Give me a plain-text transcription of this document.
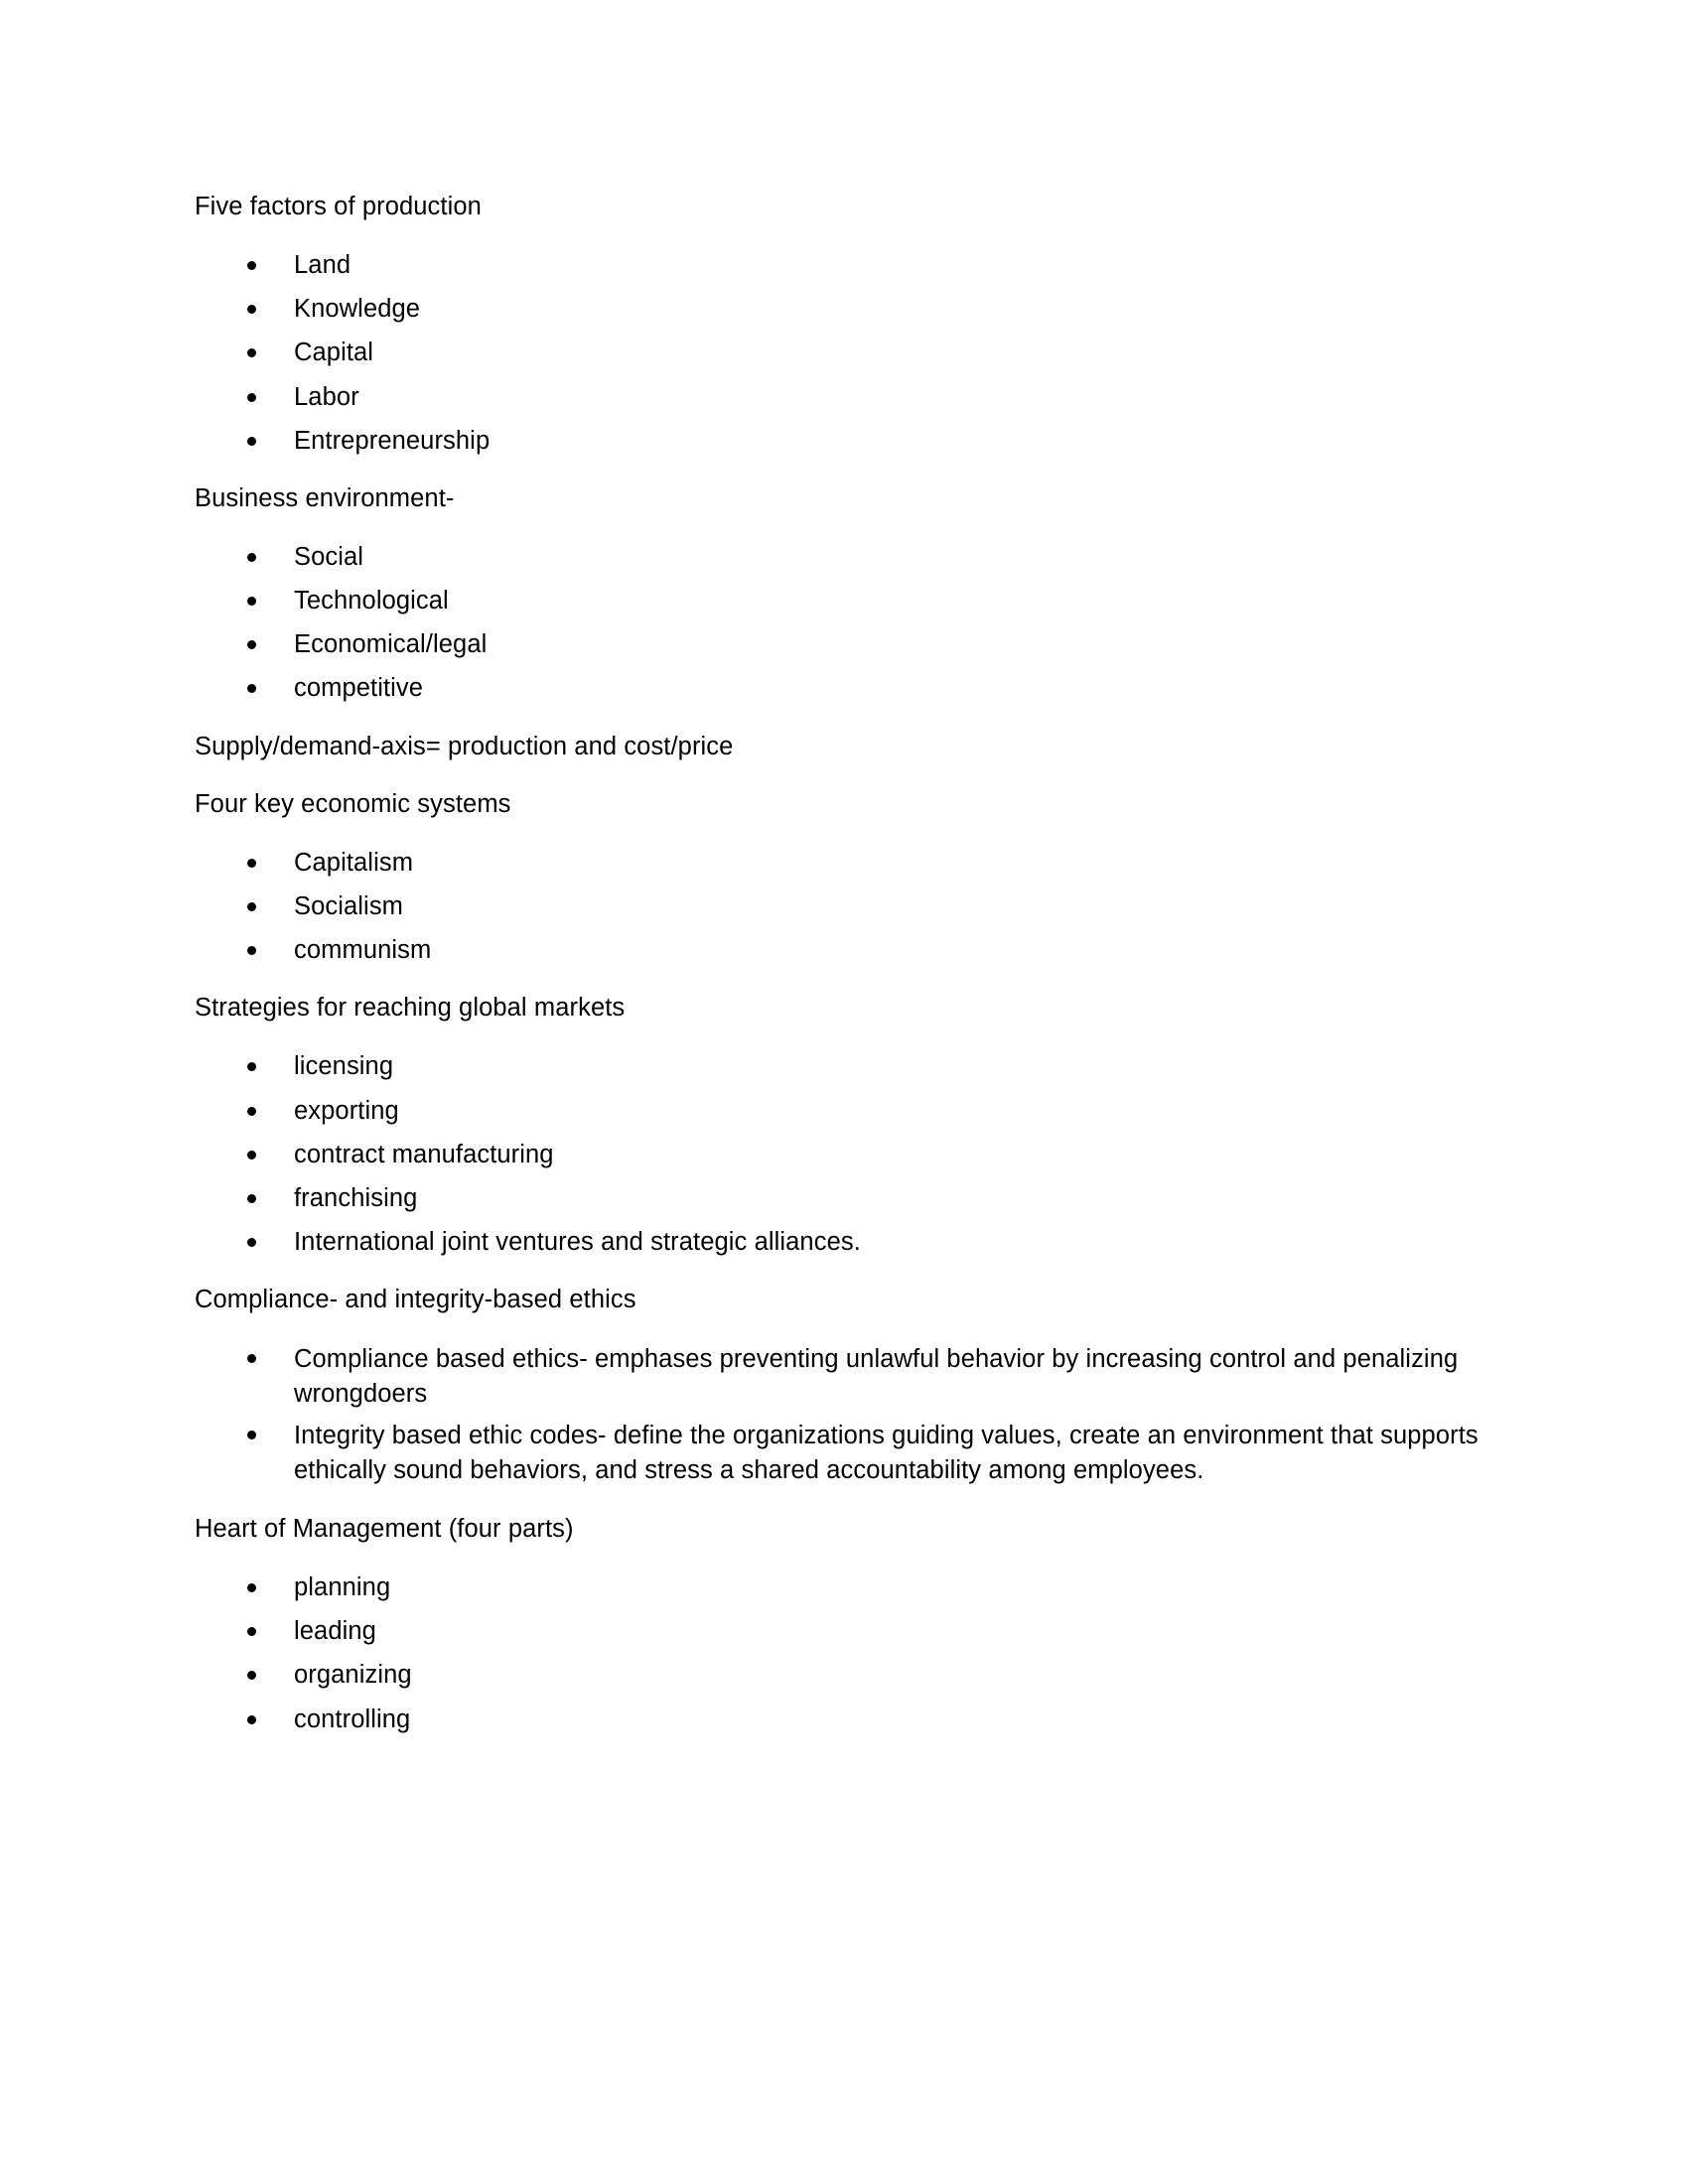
Five factors of production

Land
Knowledge
Capital
Labor
Entrepreneurship

Business environment-

Social
Technological
Economical/legal
competitive

Supply/demand-axis= production and cost/price

Four key economic systems

Capitalism
Socialism
communism

Strategies for reaching global markets

licensing
exporting
contract manufacturing
franchising
International joint ventures and strategic alliances.

Compliance- and integrity-based ethics

Compliance based ethics- emphases preventing unlawful behavior by increasing control and penalizing wrongdoers
Integrity based ethic codes- define the organizations guiding values, create an environment that supports ethically sound behaviors, and stress a shared accountability among employees.

Heart of Management (four parts)

planning
leading
organizing
controlling
